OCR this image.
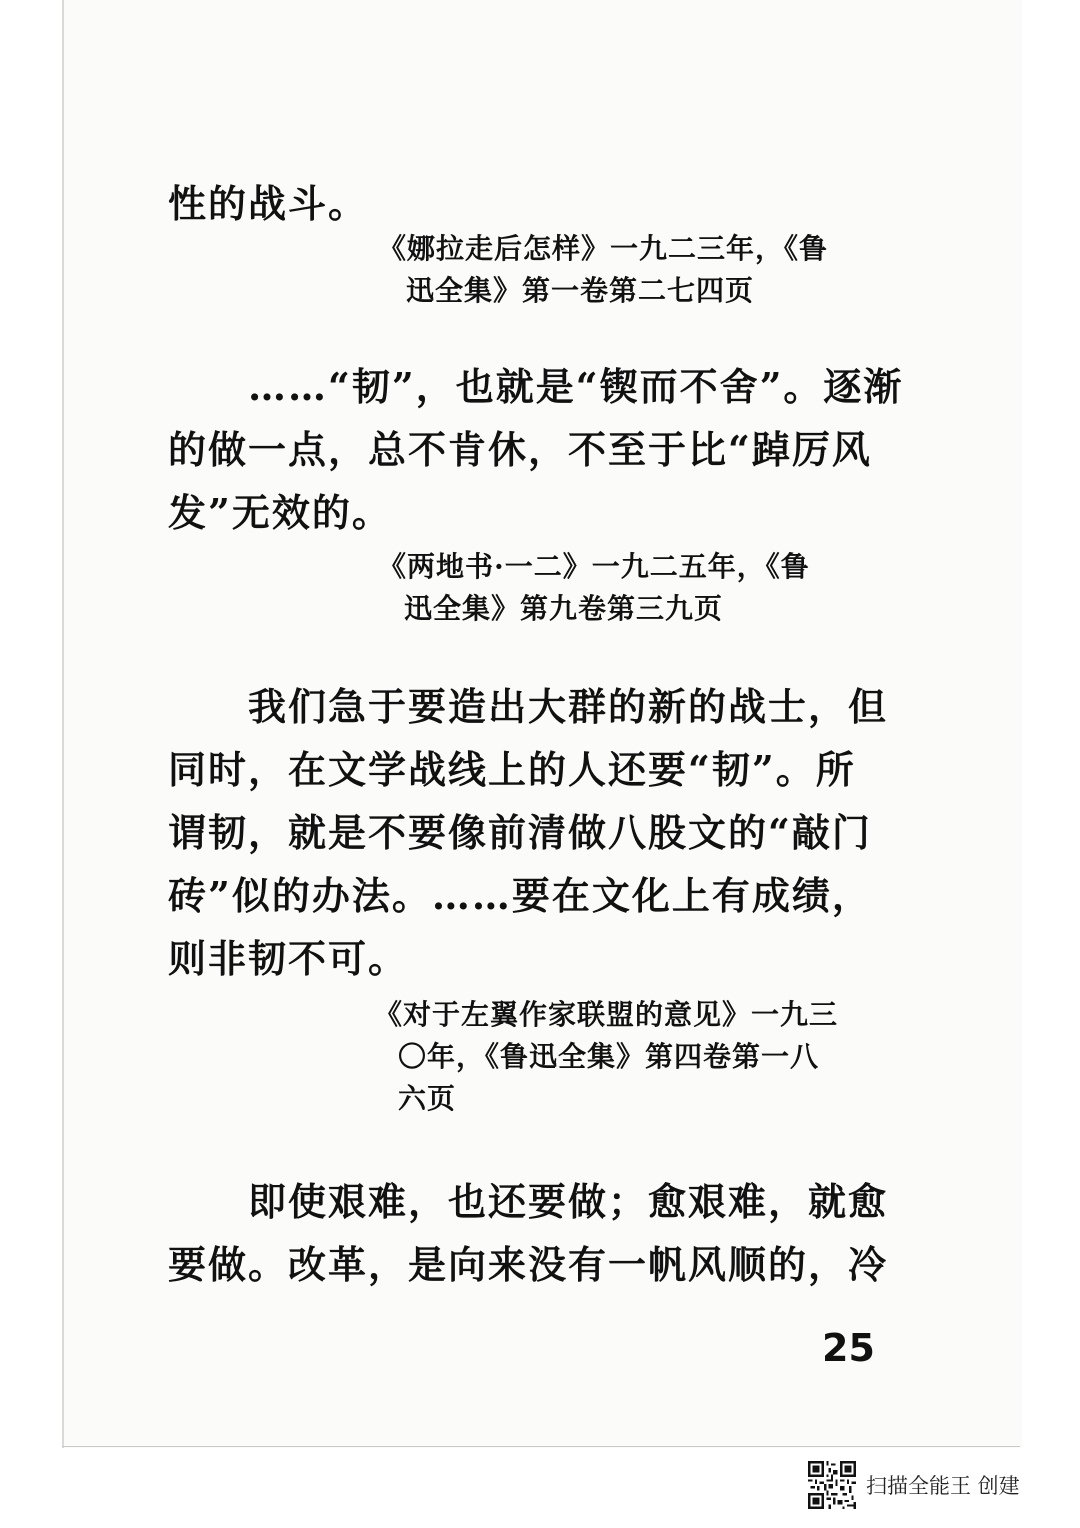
性的战斗。

《娜拉走后怎样》一九二三年，《鲁
迅全集》第一卷第二七四页

……“韧”，也就是“锲而不舍”。逐渐
的做一点，总不肯休，不至于比“踔厉风
发”无效的。

《两地书·一二》一九二五年，《鲁
迅全集》第九卷第三九页

我们急于要造出大群的新的战士，但
同时，在文学战线上的人还要“韧”。所
谓韧，就是不要像前清做八股文的“敲门
砖”似的办法。……要在文化上有成绩，
则非韧不可。

《对于左翼作家联盟的意见》一九三
〇年，《鲁迅全集》第四卷第一八
六页

即使艰难，也还要做；愈艰难，就愈
要做。改革，是向来没有一帆风顺的，冷

25
扫描全能王 创建
